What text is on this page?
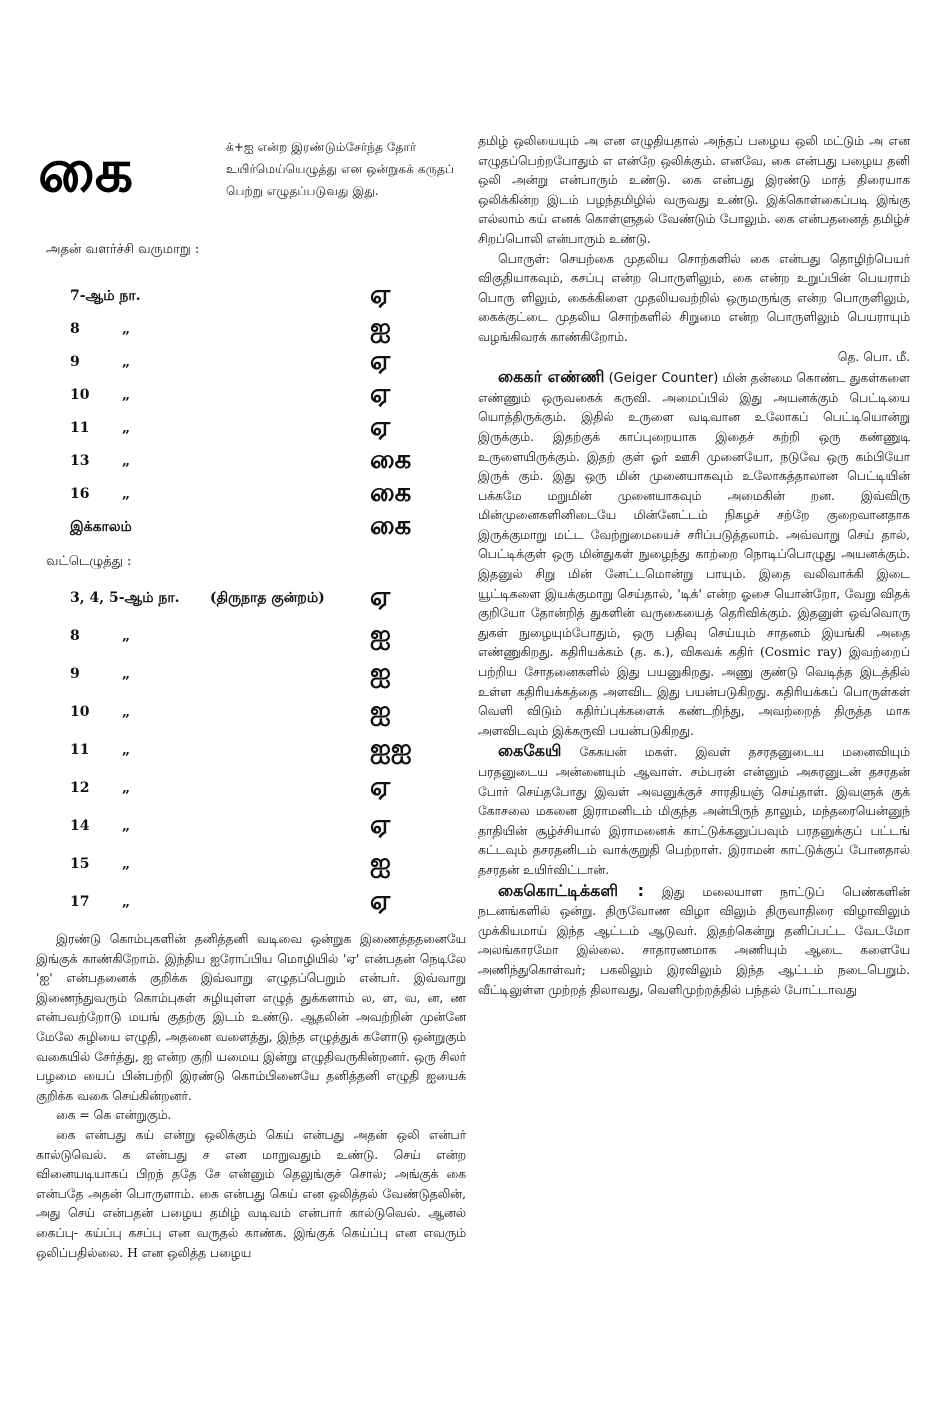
கை	க்+ஐ என்ற இரண்டும்சேர்ந்த தோர் உயிர்மெய்யெழுத்து என ஒன்றுகக் கருதப் பெற்று எழுதப்படுவது இது.
அதன் வளர்ச்சி வருமாறு :
7-ஆம் நா.	ஏ
8	„	ஐ
9	„	ஏ
10 „	ஏ
11 „	ஏ
13 „	கை
16 „	கை
இக்காலம்	கை
வட்டெழுத்து :
3, 4, 5-ஆம் நா. (திருநாத குன்றம்) ஏ
8	„	ஐ
9	„	ஐ
10 „	ஐ
11 „	ஐஐ
12 „	ஏ
14 „	ஏ
15 „	ஐ
17 „	ஏ

இரண்டு கொம்புகளின் தனித்தனி வடிவை ஒன்றுக இணைத்ததனையே இங்குக் காண்கிறோம். இந்திய ஐரோப்பிய மொழியில் 'ஏ' என்பதன் நெடிலே 'ஐ' என்பதனைக் குறிக்க இவ்வாறு எழுதப்பெறும் என்பர். இவ்வாறு இணைந்துவரும் கொம்புகள் சுழியுள்ள எழுத் துக்களாம் ல, ள, வ, ன, ண என்பவற்றோடு மயங் குதற்கு இடம் உண்டு. ஆதலின் அவற்றின் முன்னே மேலே சுழியை எழுதி, அதனை வளைத்து, இந்த எழுத்துக் களோடு ஒன்றுகும் வகையில் சேர்த்து, ஐ என்ற குறி யமைய இன்று எழுதிவருகின்றனர். ஒரு சிலர் பழமை யைப் பின்பற்றி இரண்டு கொம்பினையே தனித்தனி எழுதி ஐயைக் குறிக்க வகை செய்கின்றனர்.

கை = கெ என்றுகும்.

கை என்பது கய் என்று ஒலிக்கும் கெய் என்பது அதன் ஒலி என்பர் கால்டுவெல். க என்பது ச என மாறுவதும் உண்டு. செய் என்ற வினையடியாகப் பிறந் ததே சே என்னும் தெலுங்குச் சொல்; அங்குக் கை என்பதே அதன் பொருளாம். கை என்பது கெய் என ஒலித்தல் வேண்டுதலின், அது செய் என்பதன் பழைய தமிழ் வடிவம் என்பார் கால்டுவெல். ஆனல் கைப்பு- கய்ப்பு கசப்பு என வருதல் காண்க. இங்குக் கெய்ப்பு என எவரும் ஒலிப்பதில்லை. H என ஒலித்த பழைய

தமிழ் ஒலியையும் அ என எழுதியதால் அந்தப் பழைய ஒலி மட்டும் அ என எழுதப்பெற்றபோதும் எ என்றே ஒலிக்கும். எனவே, கை என்பது பழைய தனி ஒலி அன்று என்பாரும் உண்டு. கை என்பது இரண்டு மாத் திரையாக ஒலிக்கின்ற இடம் பழந்தமிழில் வருவது உண்டு. இக்கொள்கைப்படி இங்கு எல்லாம் கய் எனக் கொள்ளுதல் வேண்டும் போலும். கை என்பதனைத் தமிழ்ச் சிறப்பொலி என்பாரும் உண்டு.

பொருள்: செயற்கை முதலிய சொற்களில் கை என்பது தொழிற்பெயர் விகுதியாகவும், கசப்பு என்ற பொருளிலும், கை என்ற உறுப்பின் பெயராம் பொரு ளிலும், கைக்கிளை முதலியவற்றில் ஒருமருங்கு என்ற பொருளிலும், கைக்குட்டை முதலிய சொற்களில் சிறுமை என்ற பொருளிலும் பெயராயும் வழங்கிவரக் காண்கிறோம்.

தெ. பொ. மீ.

கைகர் எண்ணி (Geiger Counter) மின் தன்மை கொண்ட துகள்களை எண்ணும் ஒருவகைக் கருவி. அமைப்பில் இது அயனக்கும் பெட்டியை யொத்திருக்கும். இதில் உருளை வடிவான உலோகப் பெட்டியொன்று இருக்கும். இதற்குக் காப்புறையாக இதைச் சுற்றி ஒரு கண்ணுடி உருளையிருக்கும். இதற் குள் ஓர் ஊசி முனையோ, நடுவே ஒரு கம்பியோ இருக் கும். இது ஒரு மின் முனையாகவும் உலோகத்தாலான பெட்டியின் பக்கமே மறுமின் முனையாகவும் அமைகின் றன. இவ்விரு மின்முனைகளினிடையே மின்னேட்டம் நிகழச் சற்றே குறைவானதாக இருக்குமாறு மட்ட வேற்றுமையைச் சரிப்படுத்தலாம். அவ்வாறு செய் தால், பெட்டிக்குள் ஒரு மின்துகள் நுழைந்து காற்றை நொடிப்பொழுது அயனக்கும். இதனுல் சிறு மின் னேட்டமொன்று பாயும். இதை வலிவாக்கி இடை யூட்டிகளை இயக்குமாறு செய்தால், 'டிக்' என்ற ஓசை யொன்றோ, வேறு விதக் குறியோ தோன்றித் துகளின் வருகையைத் தெரிவிக்கும். இதனுள் ஒவ்வொரு துகள் நுழையும்போதும், ஒரு பதிவு செய்யும் சாதனம் இயங்கி அதை எண்ணுகிறது. கதிரியக்கம் (த. க.), விசுவக் கதிர் (Cosmic ray) இவற்றைப் பற்றிய சோதனைகளில் இது பயனுகிறது. அணு குண்டு வெடித்த இடத்தில் உள்ள கதிரியக்கத்தை அளவிட இது பயன்படுகிறது. கதிரியக்கப் பொருள்கள் வெளி விடும் கதிர்ப்புக்களைக் கண்டறிந்து, அவற்றைத் திருத்த மாக அளவிடவும் இக்கருவி பயன்படுகிறது.

கைகேயி கேகயன் மகள். இவள் தசரதனுடைய மனைவியும் பரதனுடைய அன்னையும் ஆவாள். சம்பரன் என்னும் அசுரனுடன் தசரதன் போர் செய்தபோது இவள் அவனுக்குச் சாரதியஞ் செய்தாள். இவளுக் குக் கோசலை மகனை இராமனிடம் மிகுந்த அன்பிருந் தாலும், மந்தரையென்னுந் தாதியின் சூழ்ச்சியால் இராமனைக் காட்டுக்கனுப்பவும் பரதனுக்குப் பட்டங் கட்டவும் தசரதனிடம் வாக்குறுதி பெற்றாள். இராமன் காட்டுக்குப் போனதால் தசரதன் உயிர்விட்டான்.

கைகொட்டிக்களி : இது மலையாள நாட்டுப் பெண்களின் நடனங்களில் ஒன்று. திருவோண விழா விலும் திருவாதிரை விழாவிலும் முக்கியமாய் இந்த ஆட்டம் ஆடுவர். இதற்கென்று தனிப்பட்ட வேடமோ அலங்காரமோ இல்லை. சாதாரணமாக அணியும் ஆடை களையே அணிந்துகொள்வர்; பகலிலும் இரவிலும் இந்த ஆட்டம் நடைபெறும். வீட்டிலுள்ள முற்றத் திலாவது, வெளிமுற்றத்தில் பந்தல் போட்டாவது
